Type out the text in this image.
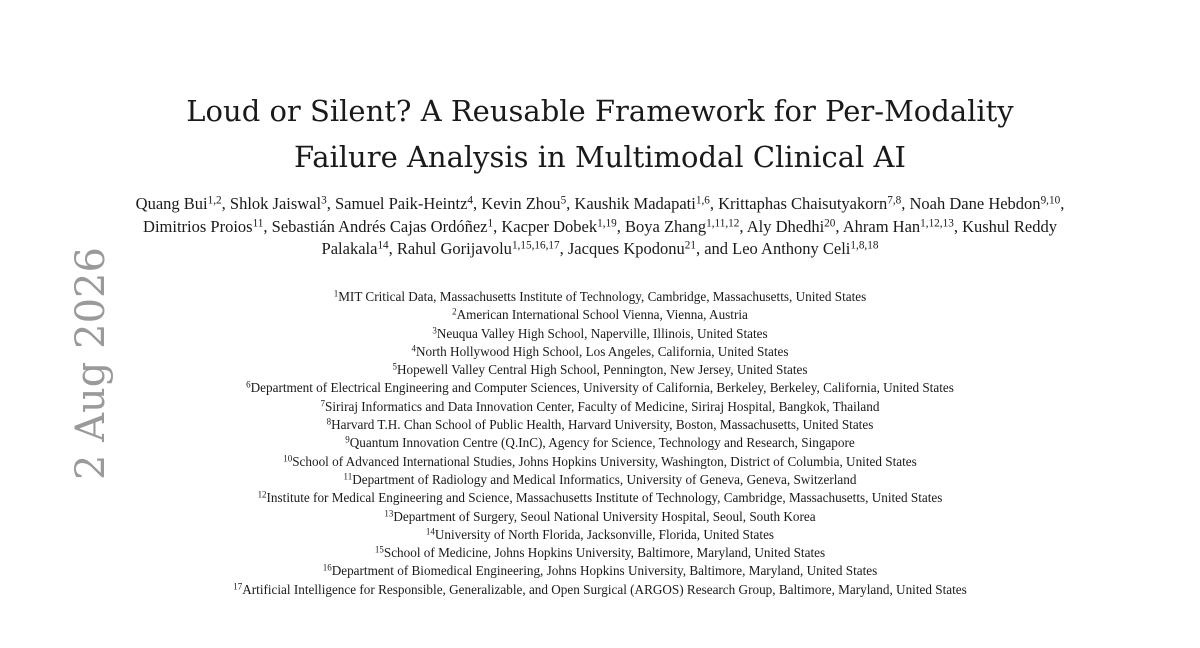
Loud or Silent? A Reusable Framework for Per-Modality
Failure Analysis in Multimodal Clinical AI
Quang Bui$^{1,2}$, Shlok Jaiswal$^3$, Samuel Paik-Heintz$^4$, Kevin Zhou$^5$, Kaushik Madapati$^{1,6}$, Krittaphas Chaisutyakorn$^{7,8}$, Noah Dane Hebdon$^{9,10}$, Dimitrios Proios$^{11}$, Sebastián Andrés Cajas Ordóñez$^1$, Kacper Dobek$^{1,19}$, Boya Zhang$^{1,11,12}$, Aly Dhedhi$^{20}$, Ahram Han$^{1,12,13}$, Kushul Reddy Palakala$^{14}$, Rahul Gorijavolu$^{1,15,16,17}$, Jacques Kpodonu$^{21}$, and Leo Anthony Celi$^{1,8,18}$
$^1$MIT Critical Data, Massachusetts Institute of Technology, Cambridge, Massachusetts, United States
$^2$American International School Vienna, Vienna, Austria
$^3$Neuqua Valley High School, Naperville, Illinois, United States
$^4$North Hollywood High School, Los Angeles, California, United States
$^5$Hopewell Valley Central High School, Pennington, New Jersey, United States
$^6$Department of Electrical Engineering and Computer Sciences, University of California, Berkeley, Berkeley, California, United States
$^7$Siriraj Informatics and Data Innovation Center, Faculty of Medicine, Siriraj Hospital, Bangkok, Thailand
$^8$Harvard T.H. Chan School of Public Health, Harvard University, Boston, Massachusetts, United States
$^9$Quantum Innovation Centre (Q.InC), Agency for Science, Technology and Research, Singapore
$^{10}$School of Advanced International Studies, Johns Hopkins University, Washington, District of Columbia, United States
$^{11}$Department of Radiology and Medical Informatics, University of Geneva, Geneva, Switzerland
$^{12}$Institute for Medical Engineering and Science, Massachusetts Institute of Technology, Cambridge, Massachusetts, United States
$^{13}$Department of Surgery, Seoul National University Hospital, Seoul, South Korea
$^{14}$University of North Florida, Jacksonville, Florida, United States
$^{15}$School of Medicine, Johns Hopkins University, Baltimore, Maryland, United States
$^{16}$Department of Biomedical Engineering, Johns Hopkins University, Baltimore, Maryland, United States
$^{17}$Artificial Intelligence for Responsible, Generalizable, and Open Surgical (ARGOS) Research Group, Baltimore, Maryland, United States
2 Aug 2026
